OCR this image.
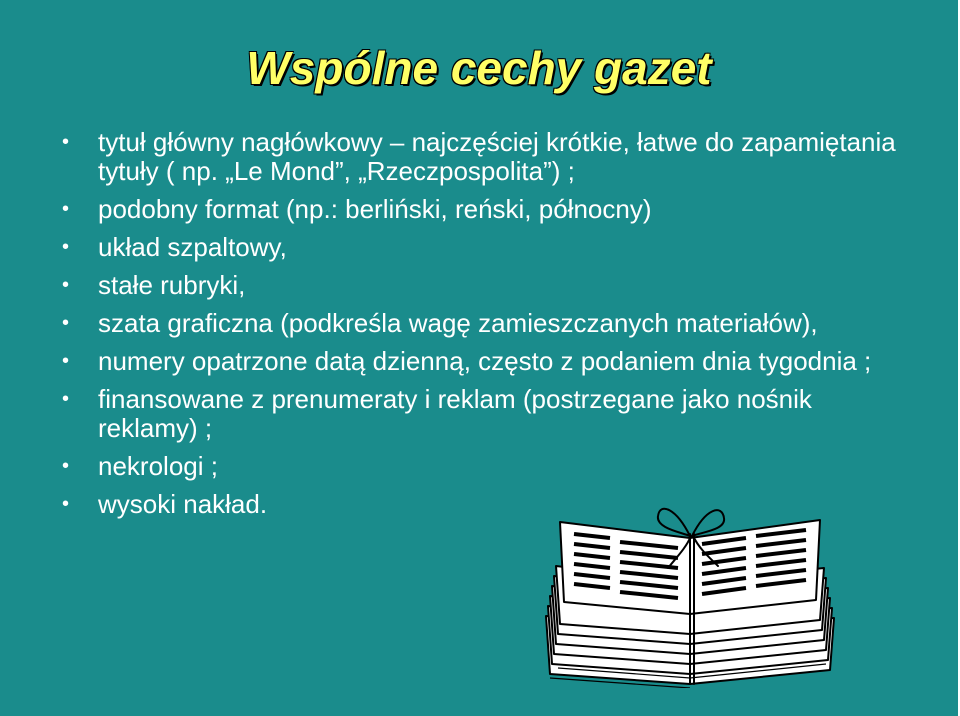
Wspólne cechy gazet
• tytuł główny nagłówkowy – najczęściej krótkie, łatwe do zapamiętania tytuły ( np. „Le Mond”, „Rzeczpospolita”) ;
• podobny format (np.: berliński, reński, północny)
• układ szpaltowy,
• stałe rubryki,
• szata graficzna (podkreśla wagę zamieszczanych materiałów),
• numery opatrzone datą dzienną, często z podaniem dnia tygodnia ;
• finansowane z prenumeraty i reklam (postrzegane jako nośnik reklamy) ;
• nekrologi ;
• wysoki nakład.
